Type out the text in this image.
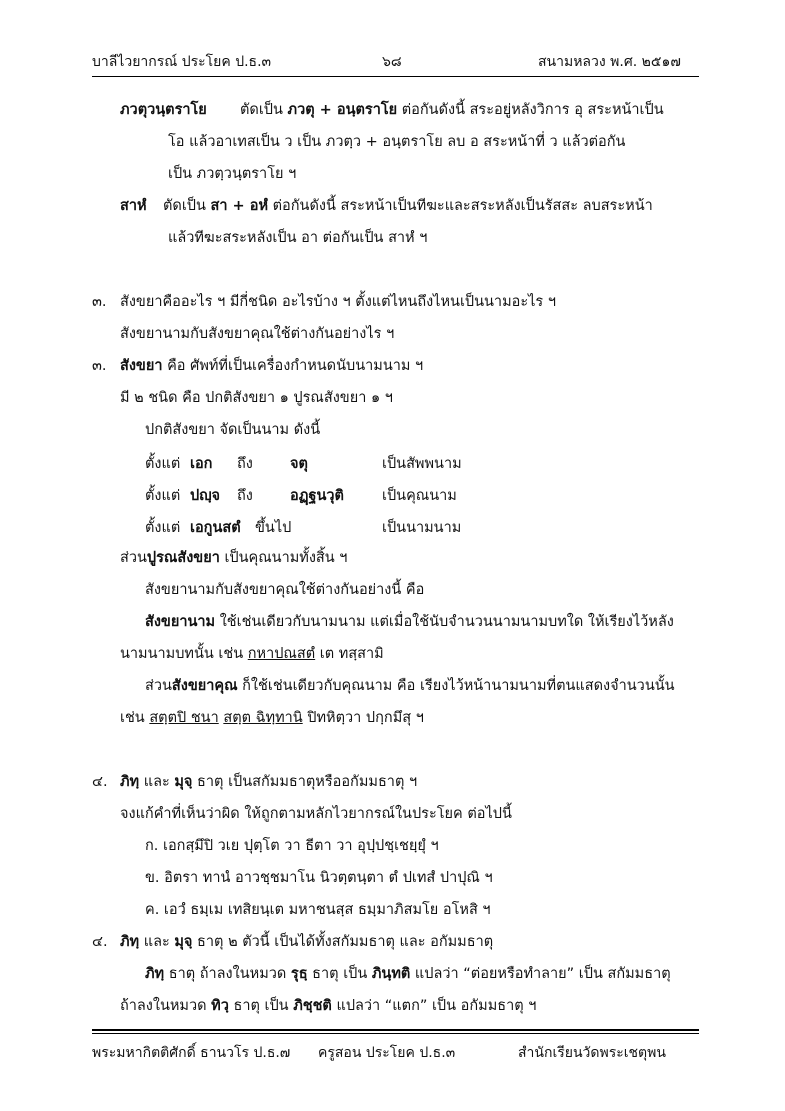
บาลีไวยากรณ์ ประโยค ป.ธ.๓	๖๘	สนามหลวง พ.ศ. ๒๕๑๗
ภวตุวนฺตราโย ตัดเป็น ภวตุ + อนฺตราโย ต่อกันดังนี้ สระอยู่หลังวิการ อุ สระหน้าเป็น
โอ แล้วอาเทสเป็น ว เป็น ภวตฺว + อนฺตราโย ลบ อ สระหน้าที่ ว แล้วต่อกัน
เป็น ภวตฺวนฺตราโย ฯ
สาหํ ตัดเป็น สา + อหํ ต่อกันดังนี้ สระหน้าเป็นทีฆะและสระหลังเป็นรัสสะ ลบสระหน้า
แล้วทีฆะสระหลังเป็น อา ต่อกันเป็น สาหํ ฯ
๓. สังขยาคืออะไร ฯ มีกี่ชนิด อะไรบ้าง ฯ ตั้งแต่ไหนถึงไหนเป็นนามอะไร ฯ
สังขยานามกับสังขยาคุณใช้ต่างกันอย่างไร ฯ
๓. สังขยา คือ ศัพท์ที่เป็นเครื่องกำหนดนับนามนาม ฯ
มี ๒ ชนิด คือ ปกติสังขยา ๑ ปูรณสังขยา ๑ ฯ
ปกติสังขยา จัดเป็นนาม ดังนี้
ตั้งแต่ เอก ถึง	จตุ	เป็นสัพพนาม
ตั้งแต่ ปญฺจ ถึง	อฏฺฐนวุติ	เป็นคุณนาม
ตั้งแต่ เอกูนสตํ ขึ้นไป	เป็นนามนาม
ส่วนปูรณสังขยา เป็นคุณนามทั้งสิ้น ฯ
สังขยานามกับสังขยาคุณใช้ต่างกันอย่างนี้ คือ
สังขยานาม ใช้เช่นเดียวกับนามนาม แต่เมื่อใช้นับจำนวนนามนามบทใด ให้เรียงไว้หลัง
นามนามบทนั้น เช่น กหาปณสตํ เต ทสฺสามิ
ส่วนสังขยาคุณ ก็ใช้เช่นเดียวกับคุณนาม คือ เรียงไว้หน้านามนามที่ตนแสดงจำนวนนั้น
เช่น สตฺตปิ ชนา สตฺต ฉิทฺทานิ ปิทหิตฺวา ปกฺกมึสุ ฯ
๔. ภิทฺ และ มุจฺ ธาตุ เป็นสกัมมธาตุหรืออกัมมธาตุ ฯ
จงแก้คำที่เห็นว่าผิด ให้ถูกตามหลักไวยากรณ์ในประโยค ต่อไปนี้
ก. เอกสฺมึปิ วเย ปุตฺโต วา ธีตา วา อุปฺปชฺเชยฺยุํ ฯ
ข. อิตรา ทานํ อาวชฺชมาโน นิวตฺตนฺตา ตํ ปเทสํ ปาปุณิ ฯ
ค. เอวํ ธมฺเม เทสิยนฺเต มหาชนสฺส ธมฺมาภิสมโย อโหสิ ฯ
๔. ภิทฺ และ มุจฺ ธาตุ ๒ ตัวนี้ เป็นได้ทั้งสกัมมธาตุ และ อกัมมธาตุ
ภิทฺ ธาตุ ถ้าลงในหมวด รุธฺ ธาตุ เป็น ภินฺทติ แปลว่า “ต่อยหรือทำลาย” เป็น สกัมมธาตุ
ถ้าลงในหมวด ทิวฺ ธาตุ เป็น ภิชฺชติ แปลว่า “แตก” เป็น อกัมมธาตุ ฯ
พระมหากิตติศักดิ์ ธานวโร ป.ธ.๗ ครูสอน ประโยค ป.ธ.๓	สำนักเรียนวัดพระเชตุพน
